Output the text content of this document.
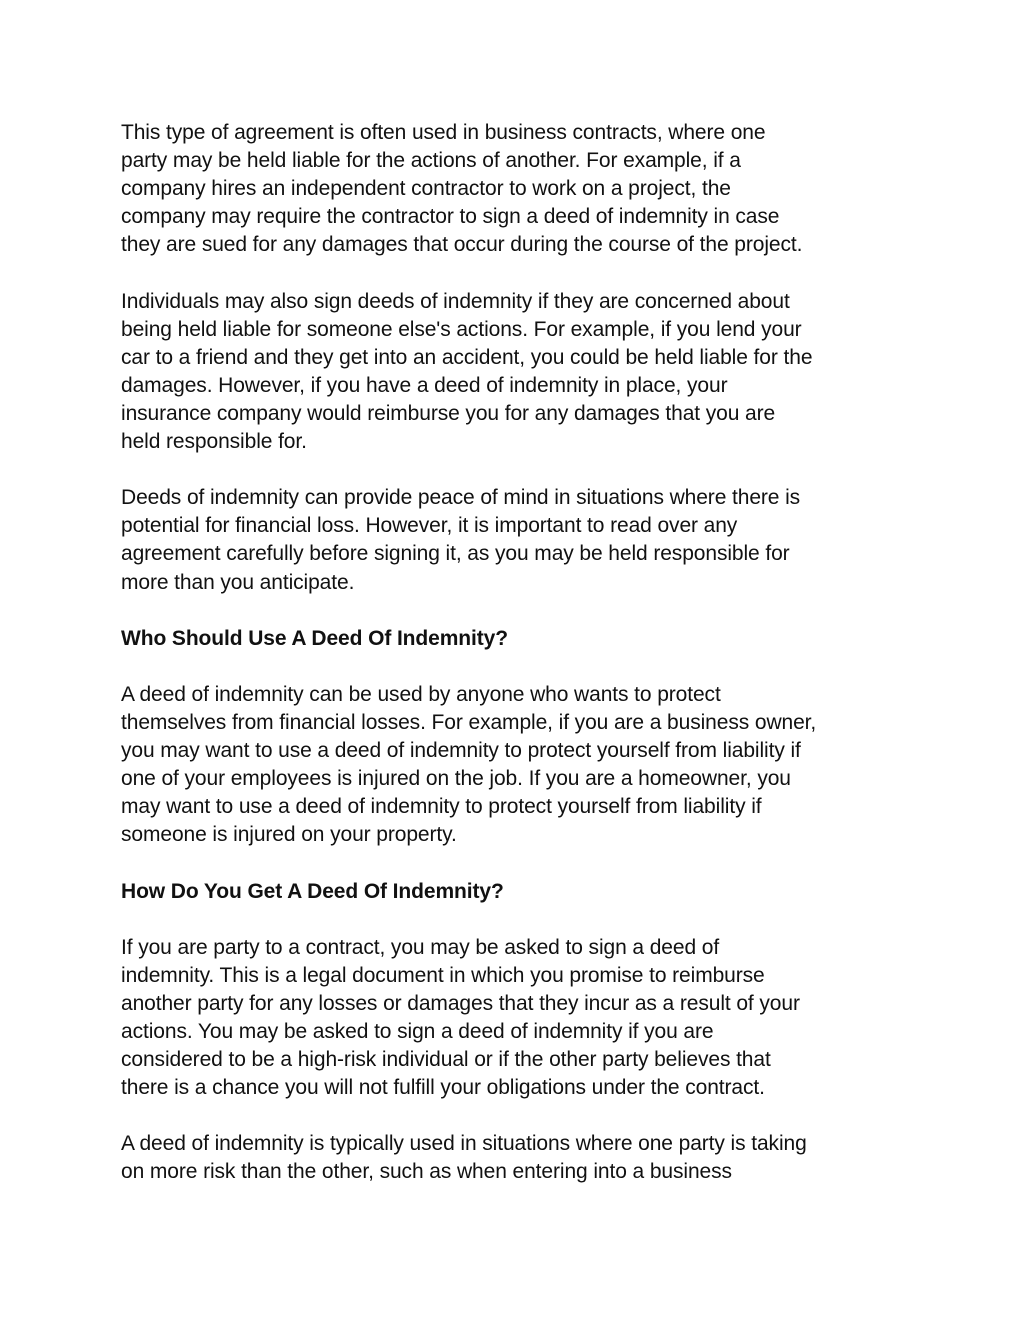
This type of agreement is often used in business contracts, where one
party may be held liable for the actions of another. For example, if a
company hires an independent contractor to work on a project, the
company may require the contractor to sign a deed of indemnity in case
they are sued for any damages that occur during the course of the project.

Individuals may also sign deeds of indemnity if they are concerned about
being held liable for someone else's actions. For example, if you lend your
car to a friend and they get into an accident, you could be held liable for the
damages. However, if you have a deed of indemnity in place, your
insurance company would reimburse you for any damages that you are
held responsible for.

Deeds of indemnity can provide peace of mind in situations where there is
potential for financial loss. However, it is important to read over any
agreement carefully before signing it, as you may be held responsible for
more than you anticipate.

Who Should Use A Deed Of Indemnity?

A deed of indemnity can be used by anyone who wants to protect
themselves from financial losses. For example, if you are a business owner,
you may want to use a deed of indemnity to protect yourself from liability if
one of your employees is injured on the job. If you are a homeowner, you
may want to use a deed of indemnity to protect yourself from liability if
someone is injured on your property.

How Do You Get A Deed Of Indemnity?

If you are party to a contract, you may be asked to sign a deed of
indemnity. This is a legal document in which you promise to reimburse
another party for any losses or damages that they incur as a result of your
actions. You may be asked to sign a deed of indemnity if you are
considered to be a high-risk individual or if the other party believes that
there is a chance you will not fulfill your obligations under the contract.

A deed of indemnity is typically used in situations where one party is taking
on more risk than the other, such as when entering into a business
